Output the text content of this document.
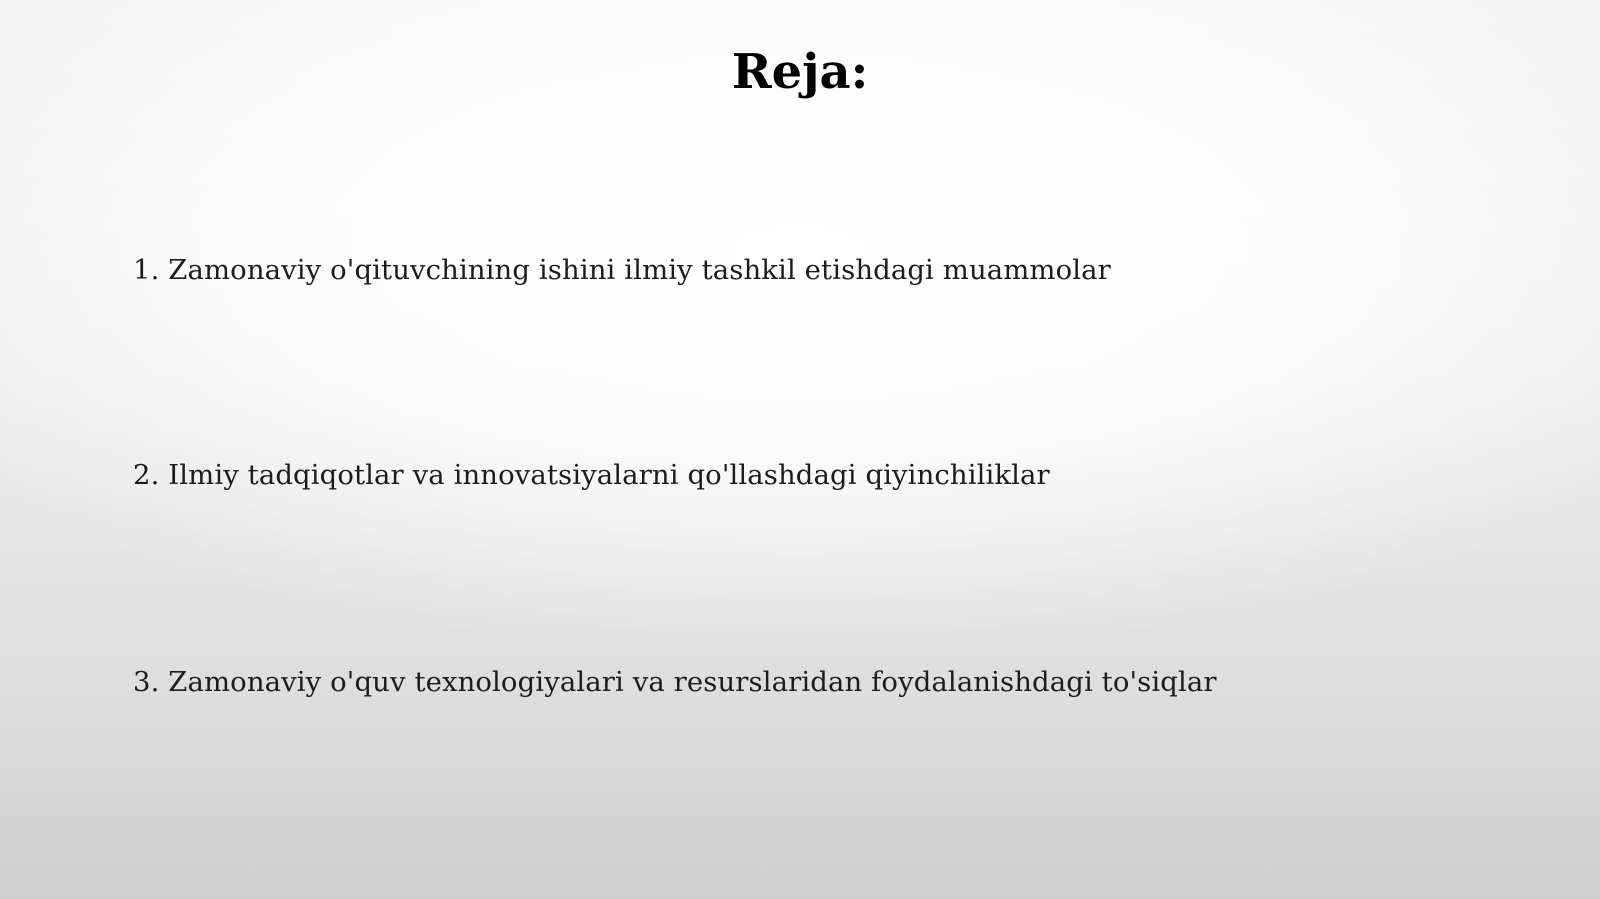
Reja:
1. Zamonaviy o'qituvchining ishini ilmiy tashkil etishdagi muammolar
2. Ilmiy tadqiqotlar va innovatsiyalarni qo'llashdagi qiyinchiliklar
3. Zamonaviy o'quv texnologiyalari va resurslaridan foydalanishdagi to'siqlar
